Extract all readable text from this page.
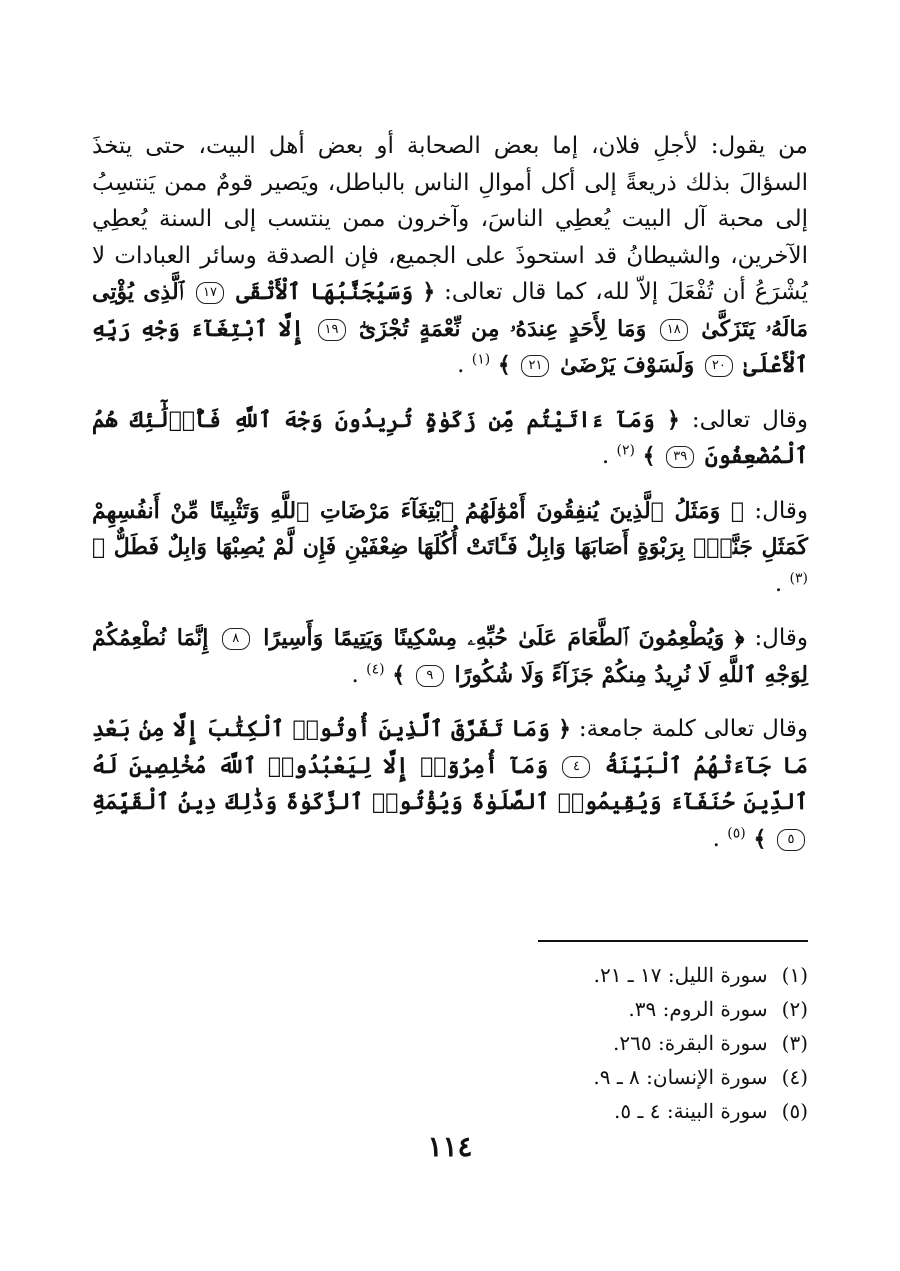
من يقول: لأجلِ فلان، إما بعض الصحابة أو بعض أهل البيت، حتى يتخذَ السؤالَ بذلك ذريعةً إلى أكل أموالِ الناس بالباطل، ويَصير قومٌ ممن يَنتسِبُ إلى محبة آل البيت يُعطِي الناسَ، وآخرون ممن ينتسب إلى السنة يُعطِي الآخرين، والشيطانُ قد استحوذَ على الجميع، فإن الصدقة وسائر العبادات لا يُشْرَعُ أن تُفْعَلَ إلاّ لله، كما قال تعالى: ﴿ وَسَيُجَنَّبُهَا ٱلْأَتْقَى ١٧ ٱلَّذِى يُؤْتِى مَالَهُۥ يَتَزَكَّىٰ ١٨ وَمَا لِأَحَدٍ عِندَهُۥ مِن نِّعْمَةٍ تُجْزَىٰٓ ١٩ إِلَّا ٱبْتِغَآءَ وَجْهِ رَبِّهِ ٱلْأَعْلَىٰ ٢٠ وَلَسَوْفَ يَرْضَىٰ ٢١ ﴾ $^{(١)}$ .

وقال تعالى: ﴿ وَمَآ ءَاتَيْتُم مِّن زَكَوٰةٍ تُرِيدُونَ وَجْهَ ٱللَّهِ فَأُو۟لَٰٓئِكَ هُمُ ٱلْمُضْعِفُونَ ٣٩ ﴾ $^{(٢)}$ .

وقال: ﴿ وَمَثَلُ ٱلَّذِينَ يُنفِقُونَ أَمْوَٰلَهُمُ ٱبْتِغَآءَ مَرْضَاتِ ٱللَّهِ وَتَثْبِيتًا مِّنْ أَنفُسِهِمْ كَمَثَلِ جَنَّةٍۭ بِرَبْوَةٍ أَصَابَهَا وَابِلٌ فَـَٔاتَتْ أُكُلَهَا ضِعْفَيْنِ فَإِن لَّمْ يُصِبْهَا وَابِلٌ فَطَلٌّ ﴾ $^{(٣)}$ .

وقال: ﴿ وَيُطْعِمُونَ ٱلطَّعَامَ عَلَىٰ حُبِّهِۦ مِسْكِينًا وَيَتِيمًا وَأَسِيرًا ٨ إِنَّمَا نُطْعِمُكُمْ لِوَجْهِ ٱللَّهِ لَا نُرِيدُ مِنكُمْ جَزَآءً وَلَا شُكُورًا ٩ ﴾ $^{(٤)}$ .

وقال تعالى كلمة جامعة: ﴿ وَمَا تَفَرَّقَ ٱلَّذِينَ أُوتُوا۟ ٱلْكِتَٰبَ إِلَّا مِنۢ بَعْدِ مَا جَآءَتْهُمُ ٱلْبَيِّنَةُ ٤ وَمَآ أُمِرُوٓا۟ إِلَّا لِيَعْبُدُوا۟ ٱللَّهَ مُخْلِصِينَ لَهُ ٱلدِّينَ حُنَفَآءَ وَيُقِيمُوا۟ ٱلصَّلَوٰةَ وَيُؤْتُوا۟ ٱلزَّكَوٰةَ وَذَٰلِكَ دِينُ ٱلْقَيِّمَةِ ٥ ﴾ $^{(٥)}$ .

(١) سورة الليل: ١٧ ـ ٢١.
(٢) سورة الروم: ٣٩.
(٣) سورة البقرة: ٢٦٥.
(٤) سورة الإنسان: ٨ ـ ٩.
(٥) سورة البينة: ٤ ـ ٥.
١١٤
